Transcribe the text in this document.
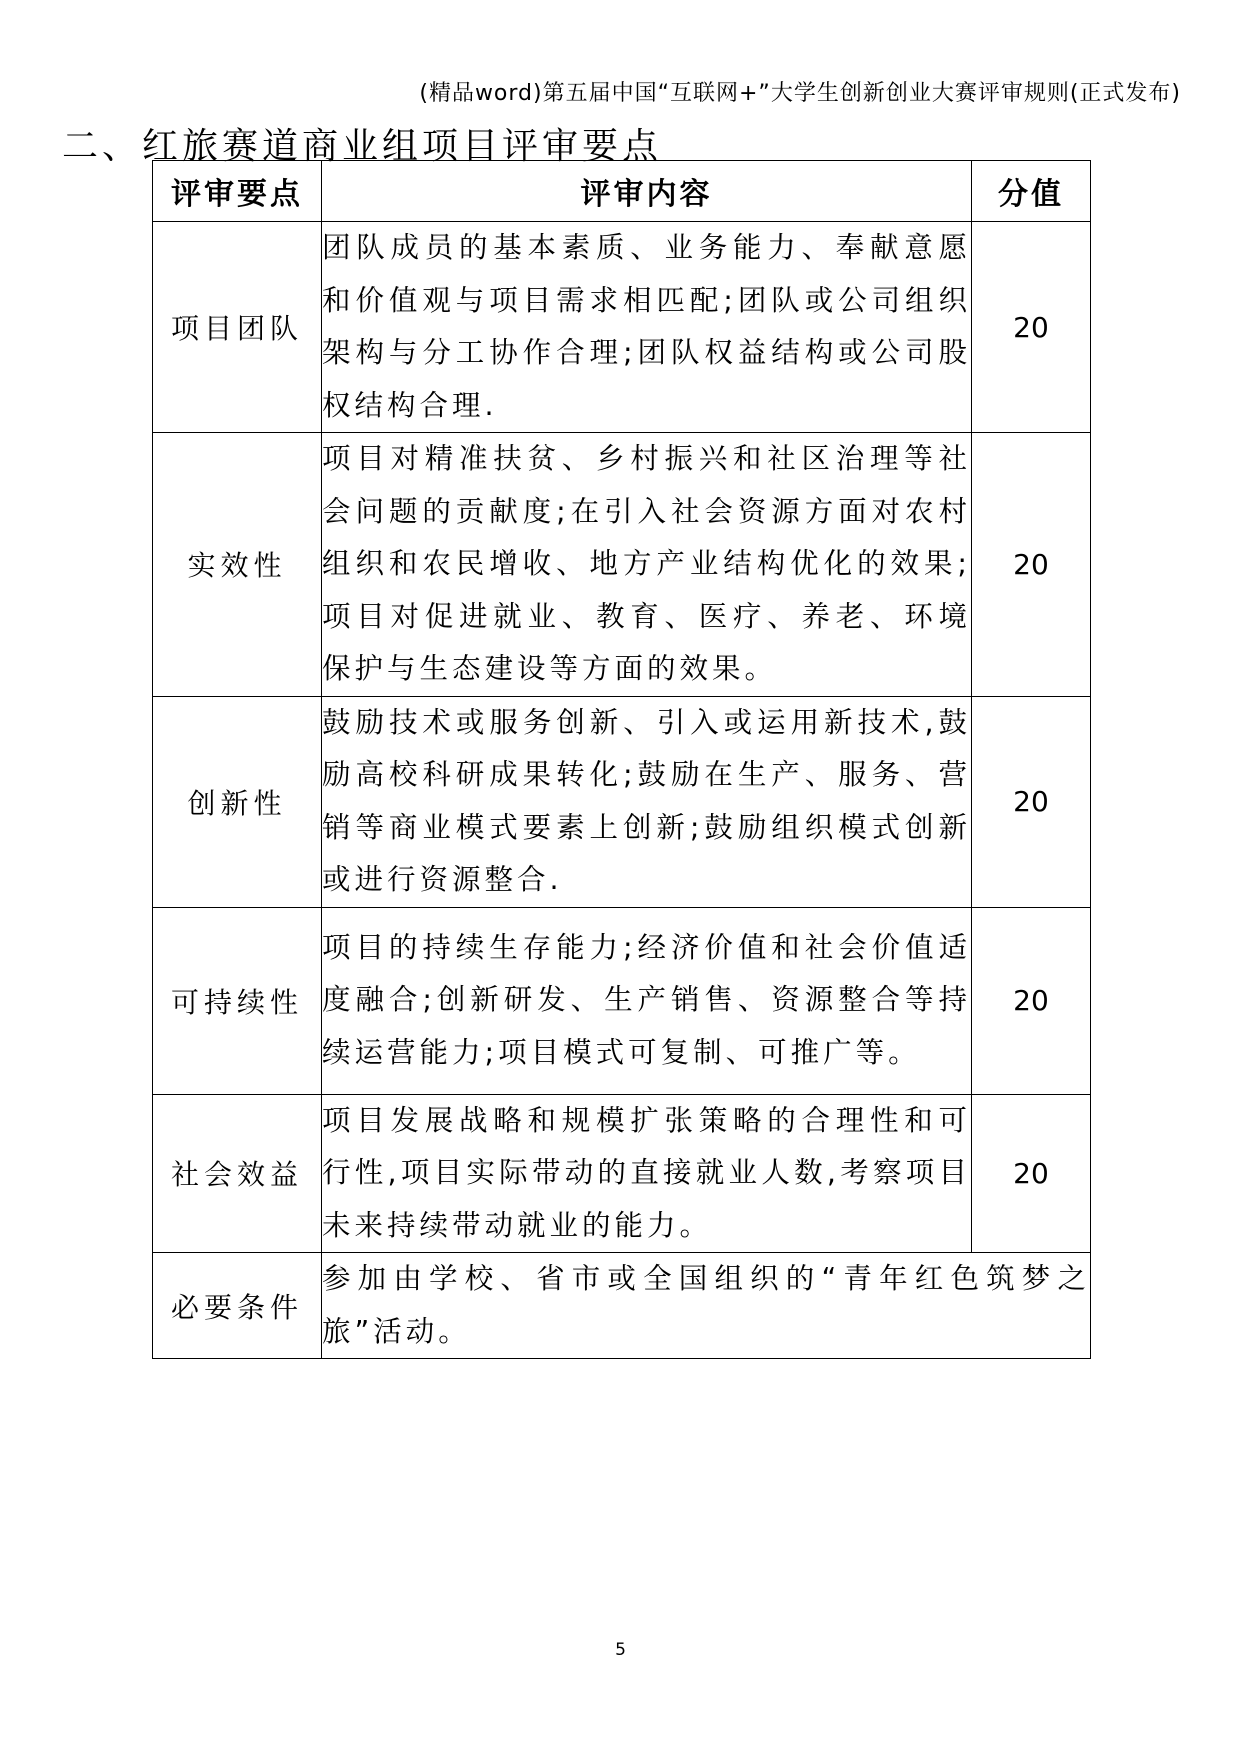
(精品word)第五届中国“互联网+”大学生创新创业大赛评审规则(正式发布)
二、红旅赛道商业组项目评审要点
评审要点	评审内容	分值
项目团队	团队成员的基本素质、业务能力、奉献意愿和价值观与项目需求相匹配;团队或公司组织架构与分工协作合理;团队权益结构或公司股权结构合理.	20
实效性	项目对精准扶贫、乡村振兴和社区治理等社会问题的贡献度;在引入社会资源方面对农村组织和农民增收、地方产业结构优化的效果;项目对促进就业、教育、医疗、养老、环境保护与生态建设等方面的效果。	20
创新性	鼓励技术或服务创新、引入或运用新技术,鼓励高校科研成果转化;鼓励在生产、服务、营销等商业模式要素上创新;鼓励组织模式创新或进行资源整合.	20
可持续性	项目的持续生存能力;经济价值和社会价值适度融合;创新研发、生产销售、资源整合等持续运营能力;项目模式可复制、可推广等。	20
社会效益	项目发展战略和规模扩张策略的合理性和可行性,项目实际带动的直接就业人数,考察项目未来持续带动就业的能力。	20
必要条件	参加由学校、省市或全国组织的“青年红色筑梦之旅”活动。	
5
